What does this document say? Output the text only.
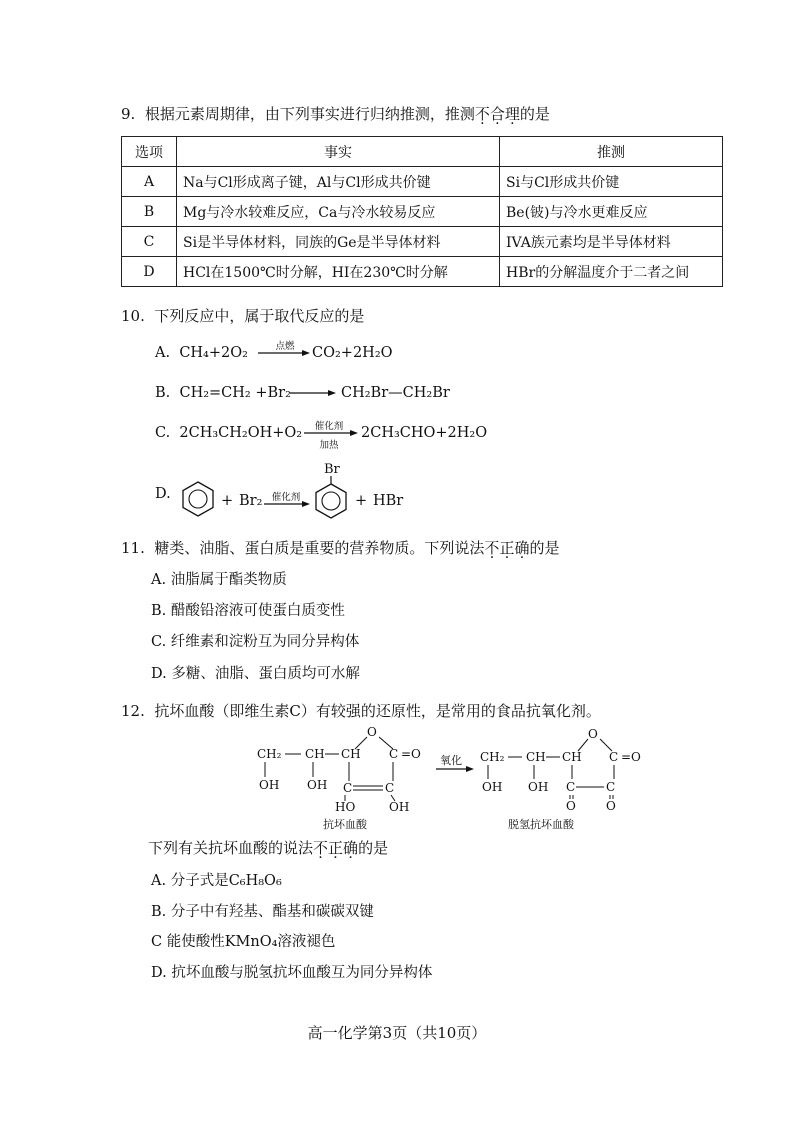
9. 根据元素周期律，由下列事实进行归纳推测，推测不合理的是
选项	事实	推测
A	Na与Cl形成离子键，Al与Cl形成共价键	Si与Cl形成共价键
B	Mg与冷水较难反应，Ca与冷水较易反应	Be(铍)与冷水更难反应
C	Si是半导体材料，同族的Ge是半导体材料	IVA族元素均是半导体材料
D	HCl在1500℃时分解，HI在230℃时分解	HBr的分解温度介于二者之间
10. 下列反应中，属于取代反应的是
A. CH₄+2O₂	点燃 → CO₂+2H₂O
B. CH₂=CH₂ +Br₂ → CH₂Br—CH₂Br
C. 2CH₃CH₂OH+O₂	催化剂
加热
2CH₃CHO+2H₂O
D.	+ Br₂ 催化剂
Br
+ HBr
11. 糖类、油脂、蛋白质是重要的营养物质。下列说法不正确的是
A. 油脂属于酯类物质
B. 醋酸铅溶液可使蛋白质变性
C. 纤维素和淀粉互为同分异构体
D. 多糖、油脂、蛋白质均可水解
12. 抗坏血酸（即维生素C）有较强的还原性，是常用的食品抗氧化剂。
CH₂ CH CH
OH OH
O
C =O
C	C
HO	OH
抗坏血酸
氧化 CH₂ CH CH
OH OH
O
C =O
C	C
O	O
脱氢抗坏血酸
下列有关抗坏血酸的说法不正确的是
A. 分子式是C₆H₈O₆
B. 分子中有羟基、酯基和碳碳双键
C 能使酸性KMnO₄溶液褪色
D. 抗坏血酸与脱氢抗坏血酸互为同分异构体
高一化学第3页（共10页）
